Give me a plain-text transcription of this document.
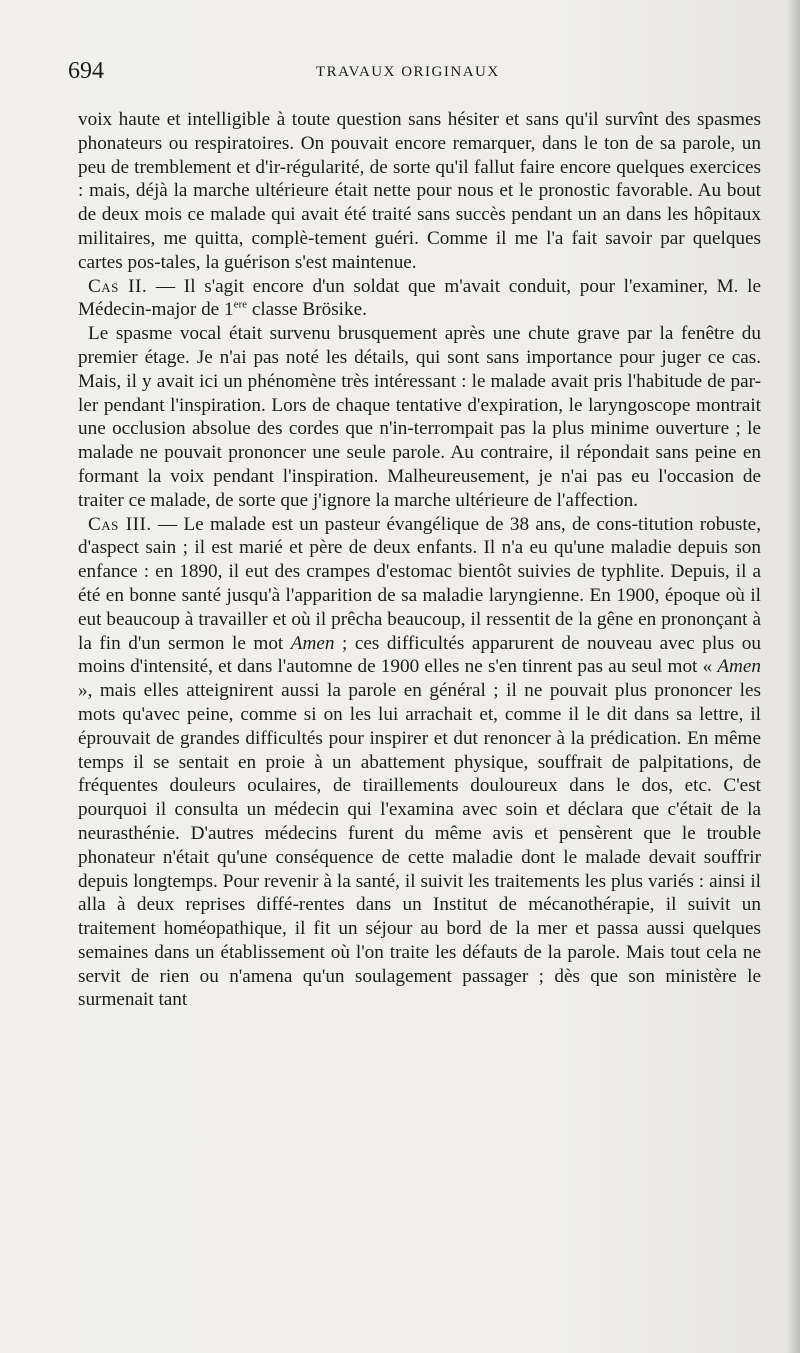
694	TRAVAUX ORIGINAUX

voix haute et intelligible à toute question sans hésiter et sans qu'il survînt des spasmes phonateurs ou respiratoires. On pouvait encore remarquer, dans le ton de sa parole, un peu de tremblement et d'ir-régularité, de sorte qu'il fallut faire encore quelques exercices : mais, déjà la marche ultérieure était nette pour nous et le pronostic favorable. Au bout de deux mois ce malade qui avait été traité sans succès pendant un an dans les hôpitaux militaires, me quitta, complè-tement guéri. Comme il me l'a fait savoir par quelques cartes pos-tales, la guérison s'est maintenue.

Cas II. — Il s'agit encore d'un soldat que m'avait conduit, pour l'examiner, M. le Médecin-major de 1ere classe Brösike.

Le spasme vocal était survenu brusquement après une chute grave par la fenêtre du premier étage. Je n'ai pas noté les détails, qui sont sans importance pour juger ce cas. Mais, il y avait ici un phénomène très intéressant : le malade avait pris l'habitude de par-ler pendant l'inspiration. Lors de chaque tentative d'expiration, le laryngoscope montrait une occlusion absolue des cordes que n'in-terrompait pas la plus minime ouverture ; le malade ne pouvait prononcer une seule parole. Au contraire, il répondait sans peine en formant la voix pendant l'inspiration. Malheureusement, je n'ai pas eu l'occasion de traiter ce malade, de sorte que j'ignore la marche ultérieure de l'affection.

Cas III. — Le malade est un pasteur évangélique de 38 ans, de cons-titution robuste, d'aspect sain ; il est marié et père de deux enfants. Il n'a eu qu'une maladie depuis son enfance : en 1890, il eut des crampes d'estomac bientôt suivies de typhlite. Depuis, il a été en bonne santé jusqu'à l'apparition de sa maladie laryngienne. En 1900, époque où il eut beaucoup à travailler et où il prêcha beaucoup, il ressentit de la gêne en prononçant à la fin d'un sermon le mot Amen ; ces difficultés apparurent de nouveau avec plus ou moins d'intensité, et dans l'automne de 1900 elles ne s'en tinrent pas au seul mot « Amen », mais elles atteignirent aussi la parole en général ; il ne pouvait plus prononcer les mots qu'avec peine, comme si on les lui arrachait et, comme il le dit dans sa lettre, il éprouvait de grandes difficultés pour inspirer et dut renoncer à la prédication. En même temps il se sentait en proie à un abattement physique, souffrait de palpitations, de fréquentes douleurs oculaires, de tiraillements douloureux dans le dos, etc. C'est pourquoi il consulta un médecin qui l'examina avec soin et déclara que c'était de la neurasthénie. D'autres médecins furent du même avis et pensèrent que le trouble phonateur n'était qu'une conséquence de cette maladie dont le malade devait souffrir depuis longtemps. Pour revenir à la santé, il suivit les traitements les plus variés : ainsi il alla à deux reprises diffé-rentes dans un Institut de mécanothérapie, il suivit un traitement homéopathique, il fit un séjour au bord de la mer et passa aussi quelques semaines dans un établissement où l'on traite les défauts de la parole. Mais tout cela ne servit de rien ou n'amena qu'un soulagement passager ; dès que son ministère le surmenait tant
